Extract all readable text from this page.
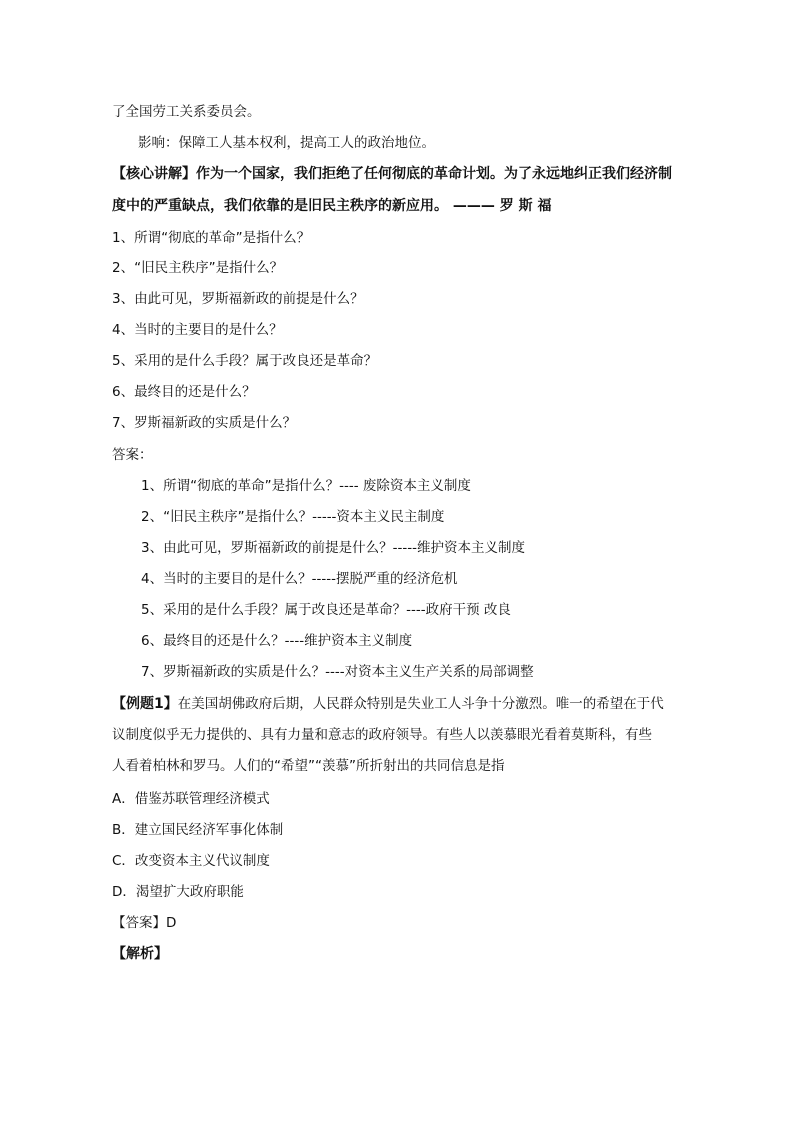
了全国劳工关系委员会。
影响：保障工人基本权利，提高工人的政治地位。
【核心讲解】作为一个国家，我们拒绝了任何彻底的革命计划。为了永远地纠正我们经济制
度中的严重缺点，我们依靠的是旧民主秩序的新应用。 ——— 罗 斯 福
1、所谓“彻底的革命”是指什么？
2、“旧民主秩序”是指什么？
3、由此可见，罗斯福新政的前提是什么？
4、当时的主要目的是什么？
5、采用的是什么手段？属于改良还是革命？
6、最终目的还是什么？
7、罗斯福新政的实质是什么？
答案：
1、所谓“彻底的革命”是指什么？---- 废除资本主义制度
2、“旧民主秩序”是指什么？-----资本主义民主制度
3、由此可见，罗斯福新政的前提是什么？-----维护资本主义制度
4、当时的主要目的是什么？-----摆脱严重的经济危机
5、采用的是什么手段？属于改良还是革命？----政府干预 改良
6、最终目的还是什么？----维护资本主义制度
7、罗斯福新政的实质是什么？----对资本主义生产关系的局部调整
【例题1】在美国胡佛政府后期，人民群众特别是失业工人斗争十分激烈。唯一的希望在于代
议制度似乎无力提供的、具有力量和意志的政府领导。有些人以羡慕眼光看着莫斯科，有些
人看着柏林和罗马。人们的“希望”“羡慕”所折射出的共同信息是指
A．借鉴苏联管理经济模式
B．建立国民经济军事化体制
C．改变资本主义代议制度
D．渴望扩大政府职能
【答案】D
【解析】
